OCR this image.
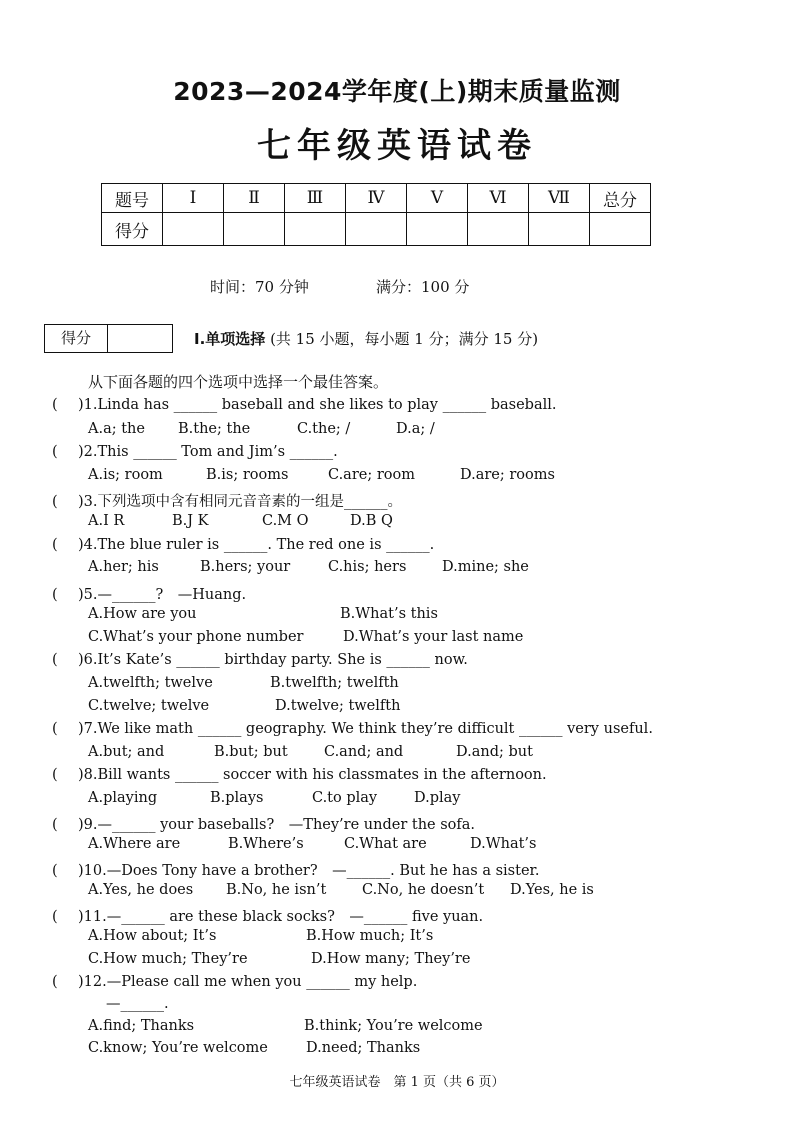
2023—2024学年度(上)期末质量监测
七年级英语试卷
题号	Ⅰ	Ⅱ	Ⅲ	Ⅳ	Ⅴ	Ⅵ	Ⅶ	总分
得分								
时间：70 分钟	满分：100 分
得分	Ⅰ.单项选择 (共 15 小题，每小题 1 分；满分 15 分)
从下面各题的四个选项中选择一个最佳答案。
( )1.Linda has ______ baseball and she likes to play ______ baseball.
A.a; the B.the; the	C.the; /	D.a; /
( )2.This ______ Tom and Jim’s ______.
A.is; room	B.is; rooms	C.are; room	D.are; rooms
( )3.下列选项中含有相同元音音素的一组是______。
A.I R	B.J K	C.M O	D.B Q
( )4.The blue ruler is ______. The red one is ______.
A.her; his	B.hers; your	C.his; hers D.mine; she
( )5.—______?　—Huang.
A.How are you	B.What’s this
C.What’s your phone number	D.What’s your last name
( )6.It’s Kate’s ______ birthday party. She is ______ now.
A.twelfth; twelve	B.twelfth; twelfth
C.twelve; twelve	D.twelve; twelfth
( )7.We like math ______ geography. We think they’re difficult ______ very useful.
A.but; and	B.but; but	C.and; and	D.and; but
( )8.Bill wants ______ soccer with his classmates in the afternoon.
A.playing	B.plays	C.to play	D.play
( )9.—______ your baseballs?　—They’re under the sofa.
A.Where are	B.Where’s	C.What are	D.What’s
( )10.—Does Tony have a brother?　—______. But he has a sister.
A.Yes, he does B.No, he isn’t C.No, he doesn’t D.Yes, he is
( )11.—______ are these black socks?　—______ five yuan.
A.How about; It’s	B.How much; It’s
C.How much; They’re	D.How many; They’re
( )12.—Please call me when you ______ my help.
—______.
A.find; Thanks	B.think; You’re welcome
C.know; You’re welcome	D.need; Thanks
七年级英语试卷　第 1 页（共 6 页）
